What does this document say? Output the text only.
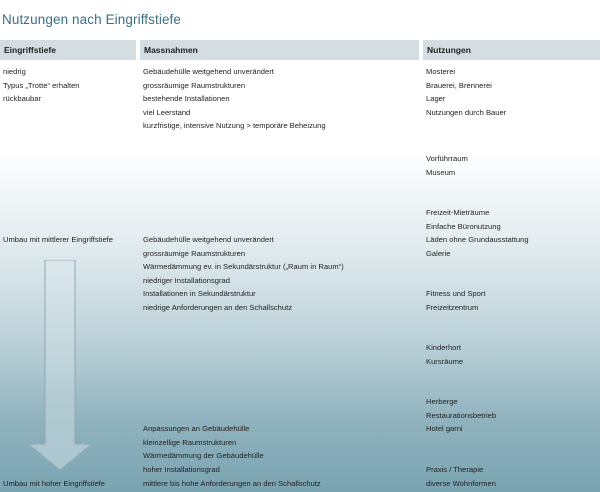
Nutzungen nach Eingriffstiefe
Eingriffstiefe	Massnahmen	Nutzungen
niedrig
Typus „Trotte“ erhalten
rückbaubar
Umbau mit mittlerer Eingriffstiefe
Umbau mit hoher Eingriffstiefe
Gebäudehülle weitgehend unverändert
grossräumige Raumstrukturen
bestehende Installationen
viel Leerstand
kurzfristige, intensive Nutzung > temporäre Beheizung
Gebäudehülle weitgehend unverändert
grossräumige Raumstrukturen
Wärmedämmung ev. in Sekundärstruktur („Raum in Raum“)
niedriger Installationsgrad
Installationen in Sekundärstruktur
niedrige Anforderungen an den Schallschutz
Anpassungen an Gebäudehülle
kleinzellige Raumstrukturen
Wärmedämmung der Gebäudehülle
hoher Installationsgrad
mittlere bis hohe Anforderungen an den Schallschutz
Mosterei
Brauerei, Brennerei
Lager
Nutzungen durch Bauer
Vorführraum
Museum
Freizeit-Mieträume
Einfache Büronutzung
Läden ohne Grundausstattung
Galerie
Fitness und Sport
Freizeitzentrum
Kinderhort
Kursräume
Herberge
Restaurationsbetrieb
Hotel garni
Praxis / Therapie
diverse Wohnformen
